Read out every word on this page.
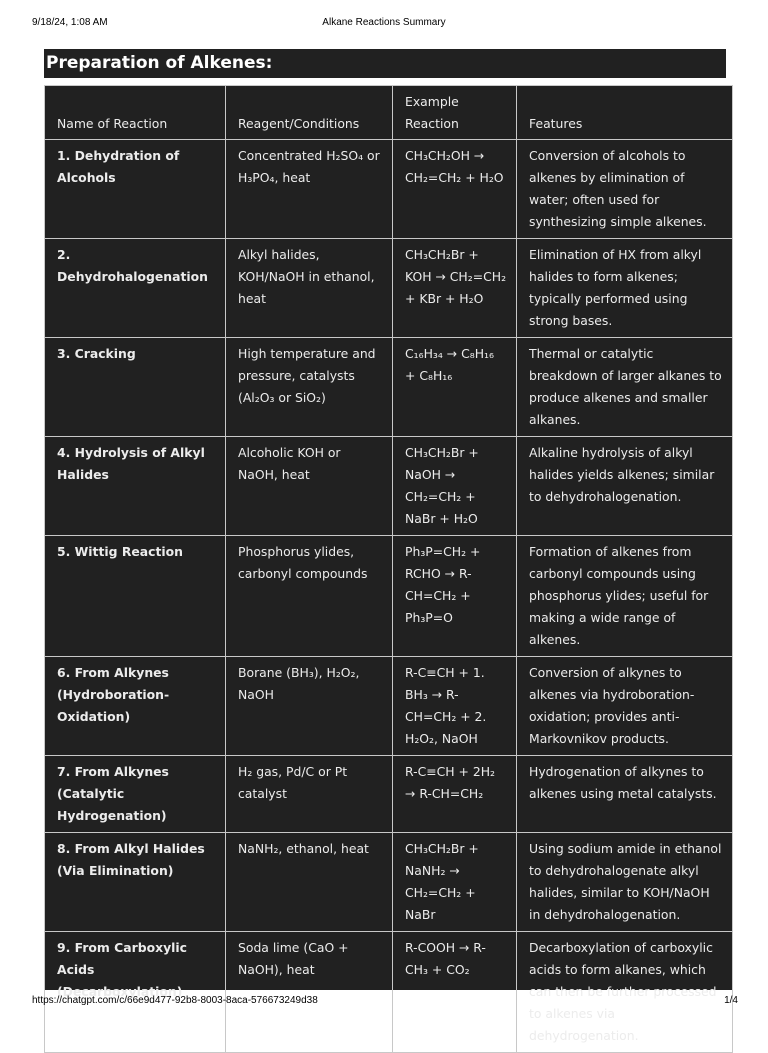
9/18/24, 1:08 AM	Alkane Reactions Summary
Preparation of Alkenes:
Name of Reaction	Reagent/Conditions	Example Reaction	Features
1. Dehydration of Alcohols	Concentrated H₂SO₄ or H₃PO₄, heat	CH₃CH₂OH → CH₂=CH₂ + H₂O	Conversion of alcohols to alkenes by elimination of water; often used for synthesizing simple alkenes.
2. Dehydrohalogenation	Alkyl halides, KOH/NaOH in ethanol, heat	CH₃CH₂Br + KOH → CH₂=CH₂ + KBr + H₂O	Elimination of HX from alkyl halides to form alkenes; typically performed using strong bases.
3. Cracking	High temperature and pressure, catalysts (Al₂O₃ or SiO₂)	C₁₆H₃₄ → C₈H₁₆ + C₈H₁₆	Thermal or catalytic breakdown of larger alkanes to produce alkenes and smaller alkanes.
4. Hydrolysis of Alkyl Halides	Alcoholic KOH or NaOH, heat	CH₃CH₂Br + NaOH → CH₂=CH₂ + NaBr + H₂O	Alkaline hydrolysis of alkyl halides yields alkenes; similar to dehydrohalogenation.
5. Wittig Reaction	Phosphorus ylides, carbonyl compounds	Ph₃P=CH₂ + RCHO → R-CH=CH₂ + Ph₃P=O	Formation of alkenes from carbonyl compounds using phosphorus ylides; useful for making a wide range of alkenes.
6. From Alkynes (Hydroboration-Oxidation)	Borane (BH₃), H₂O₂, NaOH	R-C≡CH + 1. BH₃ → R-CH=CH₂ + 2. H₂O₂, NaOH	Conversion of alkynes to alkenes via hydroboration-oxidation; provides anti-Markovnikov products.
7. From Alkynes (Catalytic Hydrogenation)	H₂ gas, Pd/C or Pt catalyst	R-C≡CH + 2H₂ → R-CH=CH₂	Hydrogenation of alkynes to alkenes using metal catalysts.
8. From Alkyl Halides (Via Elimination)	NaNH₂, ethanol, heat	CH₃CH₂Br + NaNH₂ → CH₂=CH₂ + NaBr	Using sodium amide in ethanol to dehydrohalogenate alkyl halides, similar to KOH/NaOH in dehydrohalogenation.
9. From Carboxylic Acids (Decarboxylation)	Soda lime (CaO + NaOH), heat	R-COOH → R-CH₃ + CO₂	Decarboxylation of carboxylic acids to form alkanes, which can then be further processed to alkenes via dehydrogenation.
https://chatgpt.com/c/66e9d477-92b8-8003-8aca-576673249d38	1/4
